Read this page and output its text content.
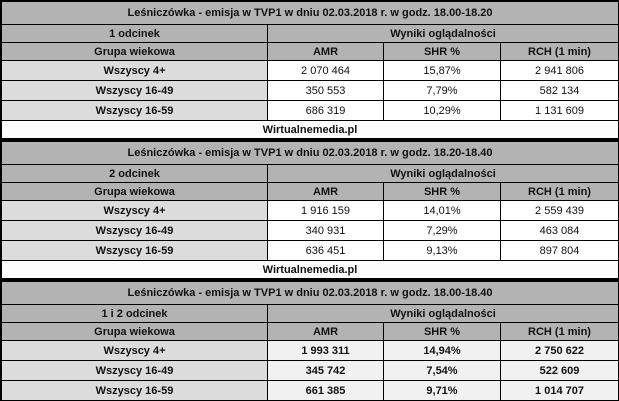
Leśniczówka - emisja w TVP1 w dniu 02.03.2018 r. w godz. 18.00-18.20			
1 odcinek	Wyniki oglądalności		
Grupa wiekowa	AMR	SHR %	RCH (1 min)
Wszyscy 4+	2 070 464	15,87%	2 941 806
Wszyscy 16-49	350 553	7,79%	582 134
Wszyscy 16-59	686 319	10,29%	1 131 609
Wirtualnemedia.pl			
Leśniczówka - emisja w TVP1 w dniu 02.03.2018 r. w godz. 18.20-18.40			
2 odcinek	Wyniki oglądalności		
Grupa wiekowa	AMR	SHR %	RCH (1 min)
Wszyscy 4+	1 916 159	14,01%	2 559 439
Wszyscy 16-49	340 931	7,29%	463 084
Wszyscy 16-59	636 451	9,13%	897 804
Wirtualnemedia.pl			
Leśniczówka - emisja w TVP1 w dniu 02.03.2018 r. w godz. 18.00-18.40			
1 i 2 odcinek	Wyniki oglądalności		
Grupa wiekowa	AMR	SHR %	RCH (1 min)
Wszyscy 4+	1 993 311	14,94%	2 750 622
Wszyscy 16-49	345 742	7,54%	522 609
Wszyscy 16-59	661 385	9,71%	1 014 707
